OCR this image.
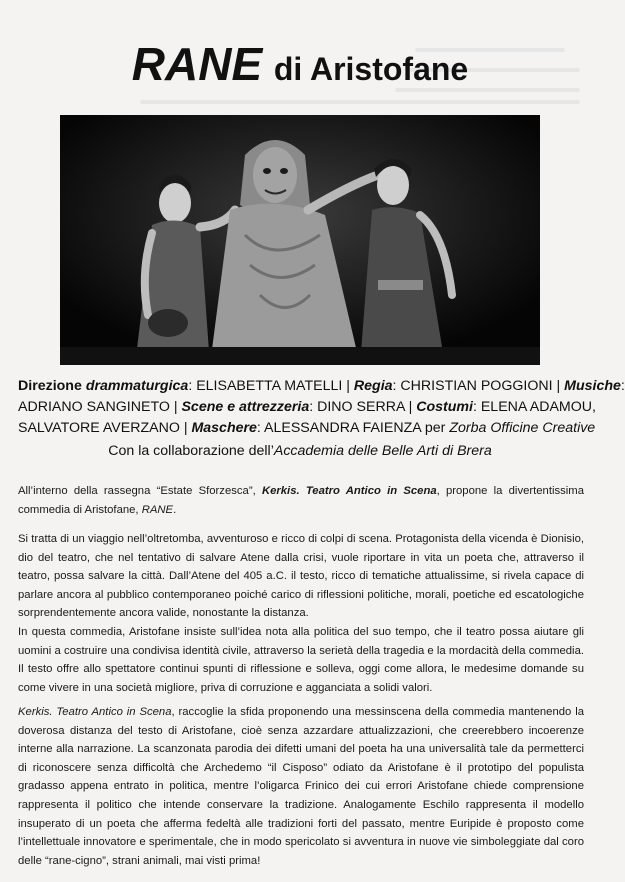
RANE di Aristofane
Direzione drammaturgica: ELISABETTA MATELLI | Regia: CHRISTIAN POGGIONI | Musiche:
ADRIANO SANGINETO | Scene e attrezzeria: DINO SERRA | Costumi: ELENA ADAMOU,
SALVATORE AVERZANO | Maschere: ALESSANDRA FAIENZA per Zorba Officine Creative
Con la collaborazione dell’Accademia delle Belle Arti di Brera

All’interno della rassegna “Estate Sforzesca”, Kerkis. Teatro Antico in Scena, propone la divertentissima commedia di Aristofane, RANE.

Si tratta di un viaggio nell’oltretomba, avventuroso e ricco di colpi di scena. Protagonista della vicenda è Dionisio, dio del teatro, che nel tentativo di salvare Atene dalla crisi, vuole riportare in vita un poeta che, attraverso il teatro, possa salvare la città. Dall’Atene del 405 a.C. il testo, ricco di tematiche attualissime, si rivela capace di parlare ancora al pubblico contemporaneo poiché carico di riflessioni politiche, morali, poetiche ed escatologiche sorprendentemente ancora valide, nonostante la distanza.

In questa commedia, Aristofane insiste sull’idea nota alla politica del suo tempo, che il teatro possa aiutare gli uomini a costruire una condivisa identità civile, attraverso la serietà della tragedia e la mordacità della commedia. Il testo offre allo spettatore continui spunti di riflessione e solleva, oggi come allora, le medesime domande su come vivere in una società migliore, priva di corruzione e agganciata a solidi valori.

Kerkis. Teatro Antico in Scena, raccoglie la sfida proponendo una messinscena della commedia mantenendo la doverosa distanza del testo di Aristofane, cioè senza azzardare attualizzazioni, che creerebbero incoerenze interne alla narrazione. La scanzonata parodia dei difetti umani del poeta ha una universalità tale da permetterci di riconoscere senza difficoltà che Archedemo “il Cisposo” odiato da Aristofane è il prototipo del populista gradasso appena entrato in politica, mentre l’oligarca Frinico dei cui errori Aristofane chiede comprensione rappresenta il politico che intende conservare la tradizione. Analogamente Eschilo rappresenta il modello insuperato di un poeta che afferma fedeltà alle tradizioni forti del passato, mentre Euripide è proposto come l’intellettuale innovatore e sperimentale, che in modo spericolato si avventura in nuove vie simboleggiate dal coro delle “rane-cigno”, strani animali, mai visti prima!
